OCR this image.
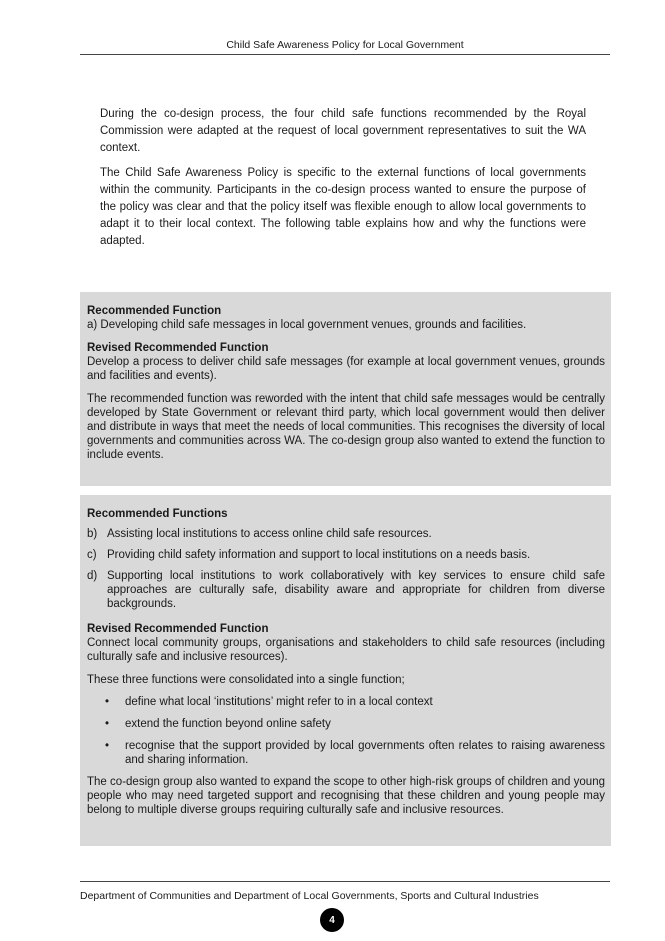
Child Safe Awareness Policy for Local Government

During the co-design process, the four child safe functions recommended by the Royal Commission were adapted at the request of local government representatives to suit the WA context.

The Child Safe Awareness Policy is specific to the external functions of local governments within the community. Participants in the co-design process wanted to ensure the purpose of the policy was clear and that the policy itself was flexible enough to allow local governments to adapt it to their local context. The following table explains how and why the functions were adapted.

Recommended Function

a) Developing child safe messages in local government venues, grounds and facilities.

Revised Recommended Function

Develop a process to deliver child safe messages (for example at local government venues, grounds and facilities and events).

The recommended function was reworded with the intent that child safe messages would be centrally developed by State Government or relevant third party, which local government would then deliver and distribute in ways that meet the needs of local communities. This recognises the diversity of local governments and communities across WA. The co-design group also wanted to extend the function to include events.

Recommended Functions

b) Assisting local institutions to access online child safe resources.
c) Providing child safety information and support to local institutions on a needs basis.
d) Supporting local institutions to work collaboratively with key services to ensure child safe approaches are culturally safe, disability aware and appropriate for children from diverse backgrounds.

Revised Recommended Function

Connect local community groups, organisations and stakeholders to child safe resources (including culturally safe and inclusive resources).

These three functions were consolidated into a single function;

•	define what local ‘institutions’ might refer to in a local context
•	extend the function beyond online safety
•	recognise that the support provided by local governments often relates to raising awareness and sharing information.

The co-design group also wanted to expand the scope to other high-risk groups of children and young people who may need targeted support and recognising that these children and young people may belong to multiple diverse groups requiring culturally safe and inclusive resources.

Department of Communities and Department of Local Governments, Sports and Cultural Industries
4
